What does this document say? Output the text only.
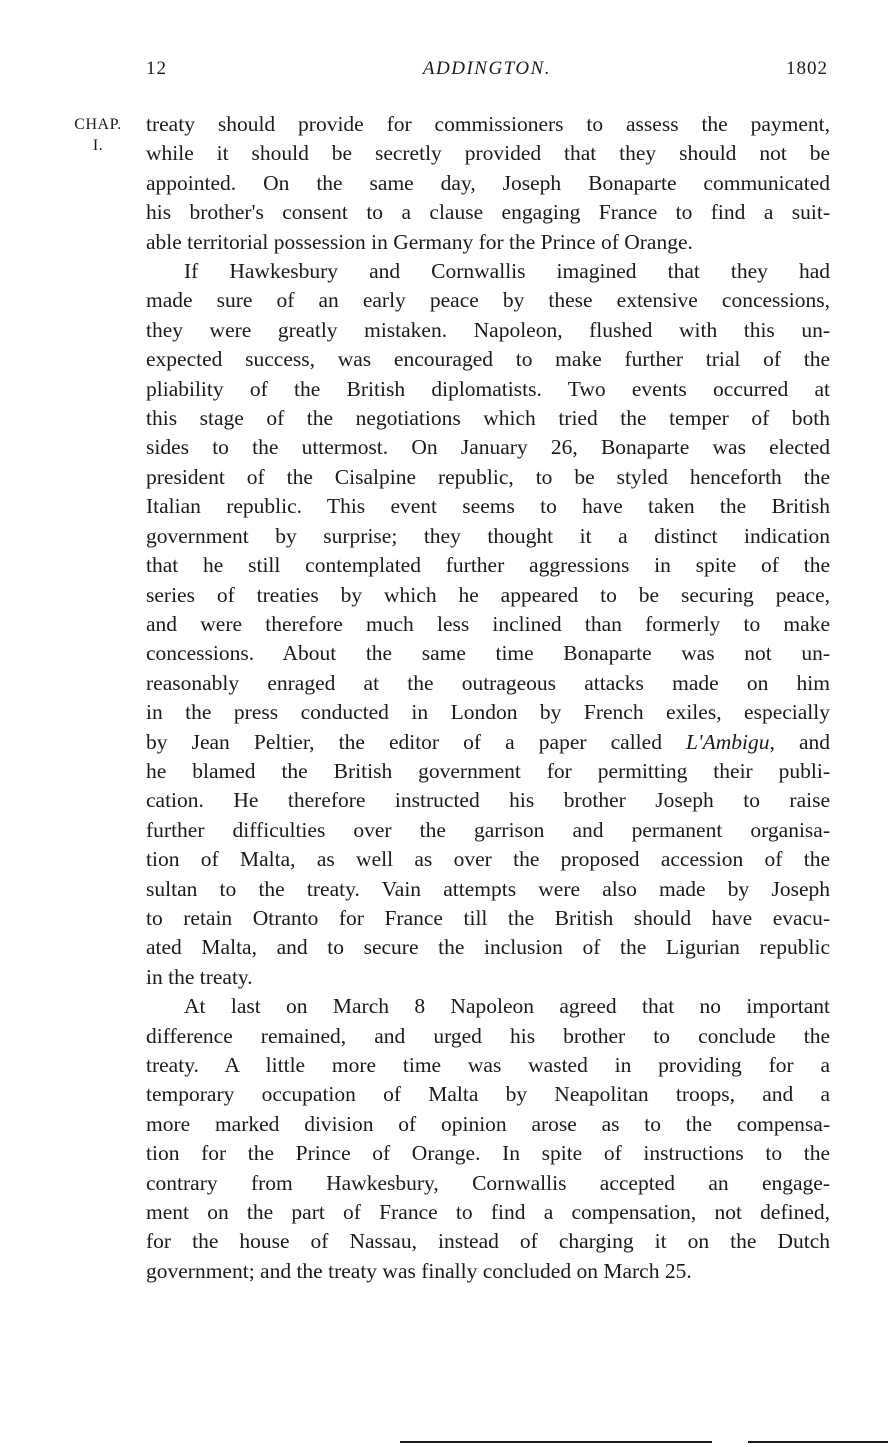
12	ADDINGTON.	1802
CHAP.
I.
treaty should provide for commissioners to assess the payment,
while it should be secretly provided that they should not be
appointed. On the same day, Joseph Bonaparte communicated
his brother's consent to a clause engaging France to find a suit-
able territorial possession in Germany for the Prince of Orange.
If Hawkesbury and Cornwallis imagined that they had
made sure of an early peace by these extensive concessions,
they were greatly mistaken. Napoleon, flushed with this un-
expected success, was encouraged to make further trial of the
pliability of the British diplomatists. Two events occurred at
this stage of the negotiations which tried the temper of both
sides to the uttermost. On January 26, Bonaparte was elected
president of the Cisalpine republic, to be styled henceforth the
Italian republic. This event seems to have taken the British
government by surprise; they thought it a distinct indication
that he still contemplated further aggressions in spite of the
series of treaties by which he appeared to be securing peace,
and were therefore much less inclined than formerly to make
concessions. About the same time Bonaparte was not un-
reasonably enraged at the outrageous attacks made on him
in the press conducted in London by French exiles, especially
by Jean Peltier, the editor of a paper called L'Ambigu, and
he blamed the British government for permitting their publi-
cation. He therefore instructed his brother Joseph to raise
further difficulties over the garrison and permanent organisa-
tion of Malta, as well as over the proposed accession of the
sultan to the treaty. Vain attempts were also made by Joseph
to retain Otranto for France till the British should have evacu-
ated Malta, and to secure the inclusion of the Ligurian republic
in the treaty.
At last on March 8 Napoleon agreed that no important
difference remained, and urged his brother to conclude the
treaty. A little more time was wasted in providing for a
temporary occupation of Malta by Neapolitan troops, and a
more marked division of opinion arose as to the compensa-
tion for the Prince of Orange. In spite of instructions to the
contrary from Hawkesbury, Cornwallis accepted an engage-
ment on the part of France to find a compensation, not defined,
for the house of Nassau, instead of charging it on the Dutch
government; and the treaty was finally concluded on March 25.
